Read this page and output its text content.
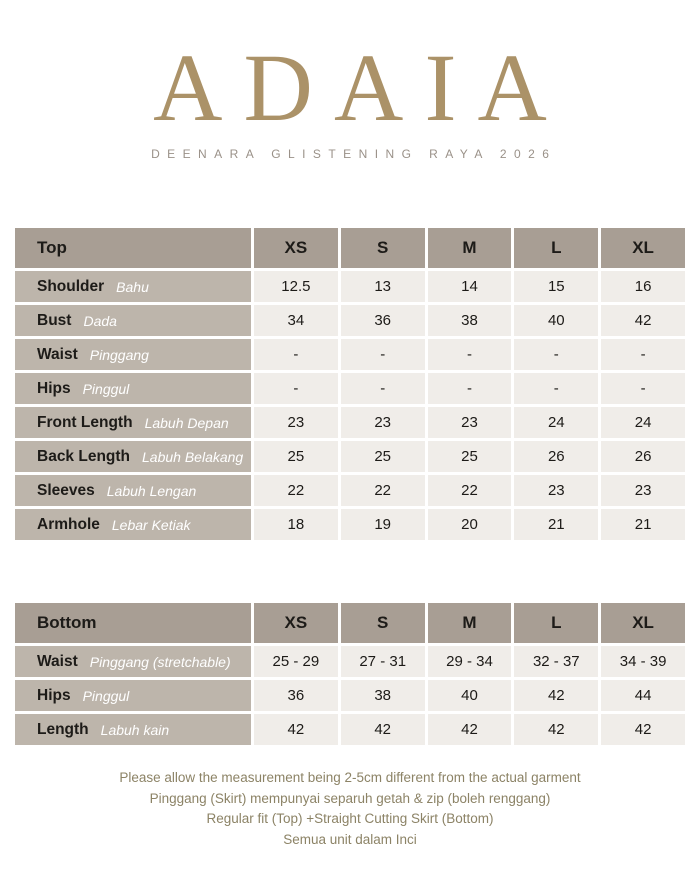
ADAIA
DEENARA GLISTENING RAYA 2026
Top	XS	S	M	L	XL
Shoulder Bahu	12.5	13	14	15	16
Bust Dada	34	36	38	40	42
Waist Pinggang	-	-	-	-	-
Hips Pinggul	-	-	-	-	-
Front Length Labuh Depan	23	23	23	24	24
Back Length Labuh Belakang	25	25	25	26	26
Sleeves Labuh Lengan	22	22	22	23	23
Armhole Lebar Ketiak	18	19	20	21	21
Bottom	XS	S	M	L	XL
Waist Pinggang (stretchable)	25 - 29	27 - 31	29 - 34	32 - 37	34 - 39
Hips Pinggul	36	38	40	42	44
Length Labuh kain	42	42	42	42	42
Please allow the measurement being 2-5cm different from the actual garment
Pinggang (Skirt) mempunyai separuh getah & zip (boleh renggang)
Regular fit (Top) +Straight Cutting Skirt (Bottom)
Semua unit dalam Inci
